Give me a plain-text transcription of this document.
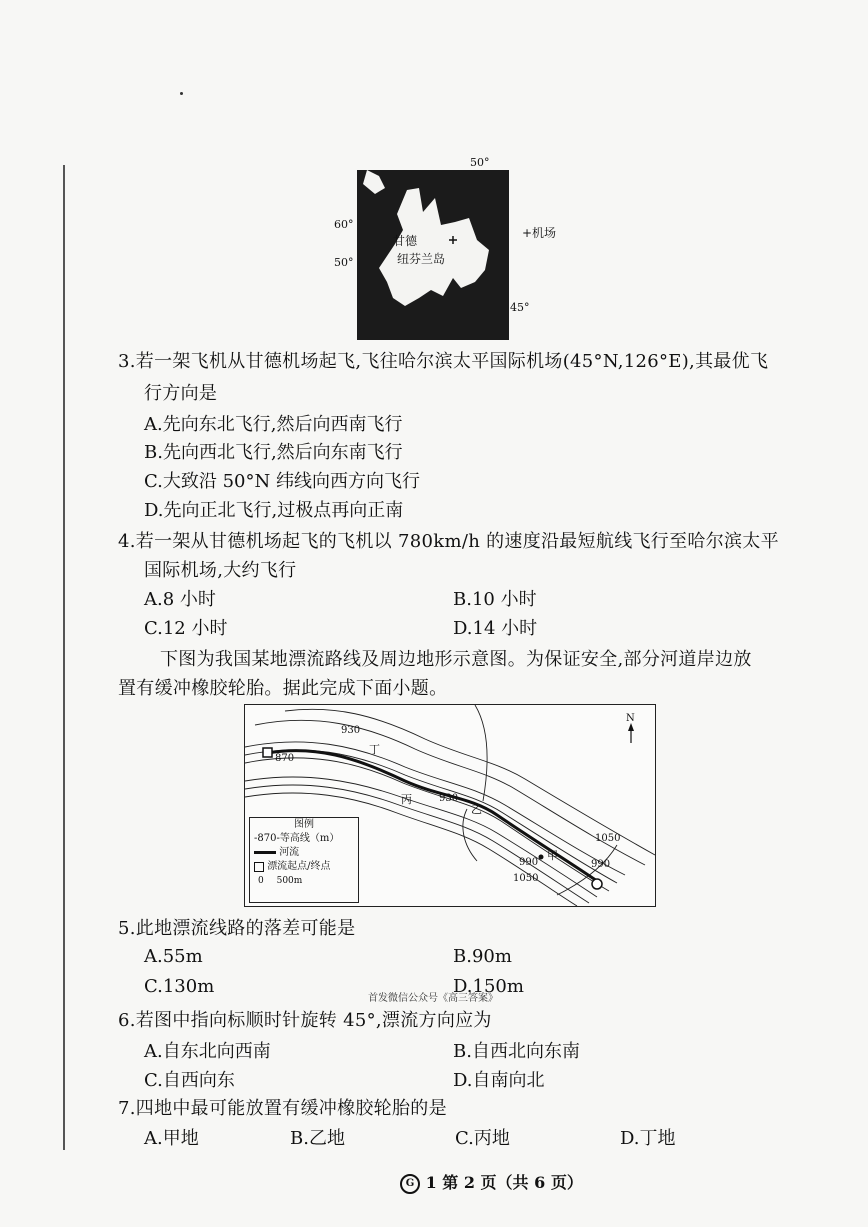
50°
60°
50°
45°
+机场
甘德
纽芬兰岛
3.若一架飞机从甘德机场起飞,飞往哈尔滨太平国际机场(45°N,126°E),其最优飞
行方向是
A.先向东北飞行,然后向西南飞行
B.先向西北飞行,然后向东南飞行
C.大致沿 50°N 纬线向西方向飞行
D.先向正北飞行,过极点再向正南
4.若一架从甘德机场起飞的飞机以 780km/h 的速度沿最短航线飞行至哈尔滨太平
国际机场,大约飞行
A.8 小时	B.10 小时
C.12 小时	D.14 小时
下图为我国某地漂流路线及周边地形示意图。为保证安全,部分河道岸边放
置有缓冲橡胶轮胎。据此完成下面小题。
N
930
870
930
1050
990	990
1050
丁
丙
乙
甲
图例
-870-等高线（m）
河流
漂流起点/终点
0 500m
5.此地漂流线路的落差可能是
A.55m	B.90m
C.130m	D.150m
首发微信公众号《高三答案》
6.若图中指向标顺时针旋转 45°,漂流方向应为
A.自东北向西南	B.自西北向东南
C.自西向东	D.自南向北
7.四地中最可能放置有缓冲橡胶轮胎的是
A.甲地	B.乙地	C.丙地	D.丁地
G 1 第 2 页（共 6 页）
